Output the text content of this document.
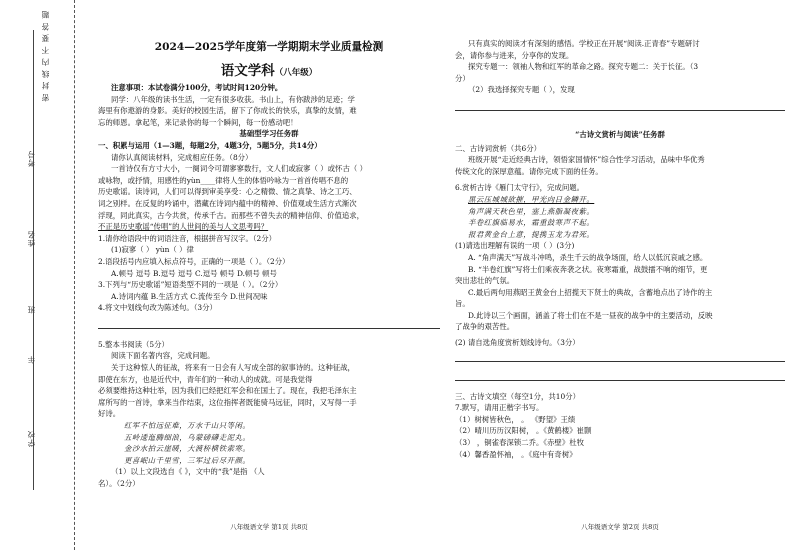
密 封 线 内 不 要 答 题
考号
姓名
班
年
学校
2024—2025学年度第一学期期末学业质量检测
语文学科（八年级）
注意事项：本试卷满分100分，考试时间120分钟。
同学：八年级的读书生活，一定有很多收获。书山上，有你跋涉的足迹；学
海里有你遨游的身影。美好的校园生活，留下了你成长的快乐，真挚的友情，难
忘的师恩。拿起笔，来记录你的每一个瞬间，每一份感动吧！
基础型学习任务群
一、积累与运用（1—3题，每题2分，4题3分，5题5分，共14分）
请你认真阅读材料，完成相应任务。（8分）
一首诗仅有方寸大小，一阕词令可谓寥寥数行，文人们或寂寥（ ）或怀古（ ）
或咏物，或抒情，用感性的yùn____律将人生的体悟吟咏为一首首传唱不息的
历史歌谣。读诗词，人们可以得到审美享受：心之精微、情之真挚、诗之工巧、
词之别样。在反复的吟诵中，潜藏在诗词内蕴中的精神、价值观或生活方式渐次
浮现，同此真实，古今共赏，传承千古。而那些不曾失去的精神信仰、价值追求，
不正是历史歌谣“传唱”的人世间的美与人文思考吗？
1.请你给语段中的词语注音，根据拼音写汉字。（2分）
(1)寂寥（ ） yùn（ ）律
2.语段括号内应填入标点符号，正确的一项是（ ）。（2分）
A.顿号 逗号 B.逗号 逗号 C.逗号 顿号 D.顿号 顿号
3.下列与“历史歌谣”短语类型不同的一项是（ ）。（2分）
A.诗词内蕴 B.生活方式 C.流传至今 D.世间况味
4.将文中划线句改为陈述句。（3分）
5.整本书阅读（5分）
阅读下面名著内容，完成问题。
关于这种惊人的征战，将来有一日会有人写成全部的叙事诗的。这种征战，
即使在东方，也是近代中，青年们的一种动人的成就。可是我觉得
必须要维持这种壮举，因为我们已经把红军会和在国土了。现在，我把毛泽东主
席所写的一首诗，拿来当作结束，这位指挥者既能骑马远征，同时，又写得一手
好诗。
红军不怕远征难，万水千山只等闲。
五岭逶迤腾细浪，乌蒙磅礴走泥丸。
金沙水拍云崖暖，大渡桥横铁索寒。
更喜岷山千里雪，三军过后尽开颜。
（1）以上文段选自《 》，文中的“我”是指 （人
名）。（2分）
八年级语文学 第1页 共8页
只有真实的阅读才有深刻的感悟。学校正在开展“阅读.正青春”专题研讨
会，请你参与进来，分享你的发现。
探究专题一：领袖人物和红军的革命之路。探究专题二：关于长征。（3
分）
（2）我选择探究专题（ ），发现
“古诗文赏析与阅读”任务群
二、古诗词赏析（共6分）
班级开展“走近经典古诗，领悟家国情怀”综合性学习活动，品味中华优秀
传统文化的深厚意蕴。请你完成下面的任务。
6.赏析古诗《雁门太守行》，完成问题。
黑云压城城欲摧，甲光向日金鳞开。
角声满天秋色里，塞上燕脂凝夜紫。
半卷红旗临易水，霜重鼓寒声不起。
报君黄金台上意，提携玉龙为君死。
(1)请选出理解有误的一项（ ）(3分)
A. “角声满天”写战斗冲鸣，杀生千云的战争场面，给人以低沉哀戚之感。
B. “半卷红旗”写将士们乘夜奔袭之状。夜寒霜重，战鼓擂不响的细节，更
突出悲壮的气氛。
C.最后两句用燕昭王黄金台上招揽天下贤士的典故，含蓄地点出了诗作的主
旨。
D.此诗以三个画面，涵盖了将士们在不是一昼夜的战争中的主要活动，反映
了战争的艰苦性。
(2) 请自选角度赏析划线诗句。（3分）
三、古诗文填空（每空1分，共10分）
7.默写，请用正楷字书写。
（1）树树皆秋色， 。 《野望》王绩
（2）晴川历历汉阳树， 。《黄鹤楼》崔颢
（3） ，铜雀春深锁二乔。《赤壁》杜牧
（4）馨香盈怀袖， 。《庭中有奇树》
八年级语文学 第2页 共8页
